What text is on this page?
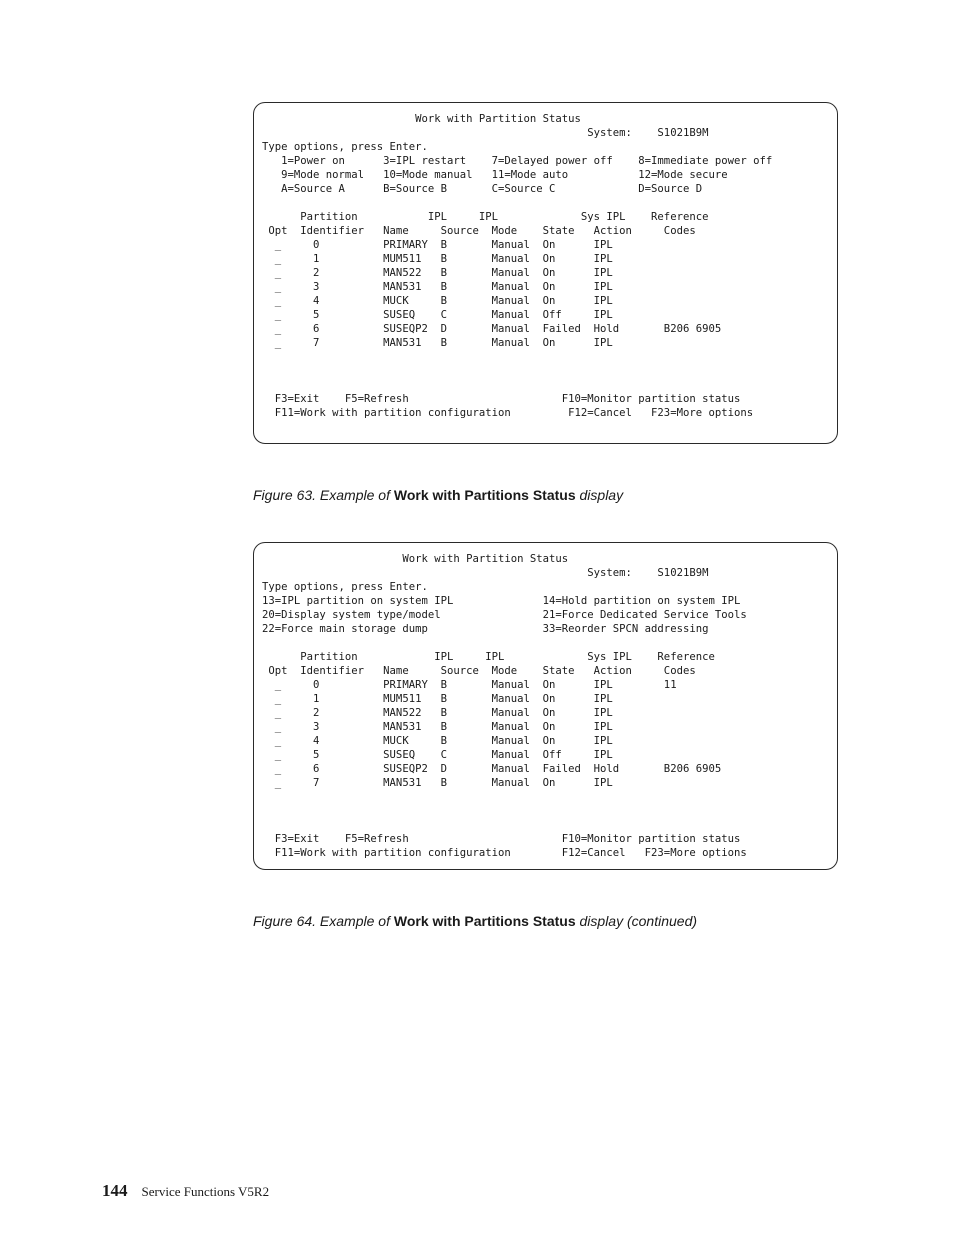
Work with Partition Status
System:    S1021B9M
Type options, press Enter.
1=Power on      3=IPL restart    7=Delayed power off    8=Immediate power off
9=Mode normal   10=Mode manual   11=Mode auto           12=Mode secure
A=Source A      B=Source B       C=Source C             D=Source D
Partition           IPL     IPL             Sys IPL    Reference
Opt  Identifier   Name     Source  Mode    State   Action     Codes
_     0          PRIMARY  B       Manual  On      IPL
_     1          MUM511   B       Manual  On      IPL
_     2          MAN522   B       Manual  On      IPL
_     3          MAN531   B       Manual  On      IPL
_     4          MUCK     B       Manual  On      IPL
_     5          SUSEQ    C       Manual  Off     IPL
_     6          SUSEQP2  D       Manual  Failed  Hold       B206 6905
_     7          MAN531   B       Manual  On      IPL
F3=Exit    F5=Refresh                        F10=Monitor partition status
F11=Work with partition configuration         F12=Cancel   F23=More options
Figure 63. Example of Work with Partitions Status display
Work with Partition Status
System:    S1021B9M
Type options, press Enter.
13=IPL partition on system IPL              14=Hold partition on system IPL
20=Display system type/model                21=Force Dedicated Service Tools
22=Force main storage dump                  33=Reorder SPCN addressing
Partition            IPL     IPL             Sys IPL    Reference
Opt  Identifier   Name     Source  Mode    State   Action     Codes
_     0          PRIMARY  B       Manual  On      IPL        11
_     1          MUM511   B       Manual  On      IPL
_     2          MAN522   B       Manual  On      IPL
_     3          MAN531   B       Manual  On      IPL
_     4          MUCK     B       Manual  On      IPL
_     5          SUSEQ    C       Manual  Off     IPL
_     6          SUSEQP2  D       Manual  Failed  Hold       B206 6905
_     7          MAN531   B       Manual  On      IPL
F3=Exit    F5=Refresh                        F10=Monitor partition status
F11=Work with partition configuration        F12=Cancel   F23=More options
Figure 64. Example of Work with Partitions Status display (continued)

144 Service Functions V5R2
